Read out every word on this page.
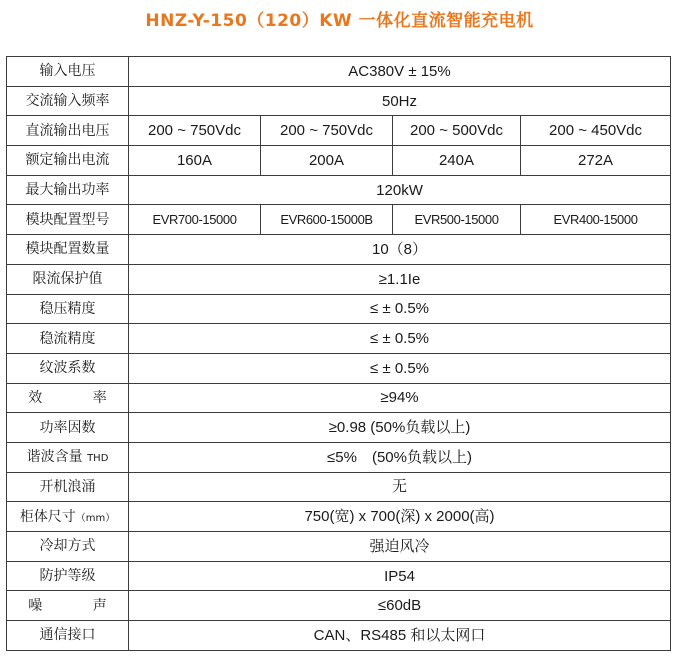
HNZ-Y-150（120）KW 一体化直流智能充电机
输入电压	AC380V ± 15%			
交流输入频率	50Hz			
直流输出电压	200 ~ 750Vdc	200 ~ 750Vdc	200 ~ 500Vdc	200 ~ 450Vdc
额定输出电流	160A	200A	240A	272A
最大输出功率	120kW			
模块配置型号	EVR700-15000	EVR600-15000B	EVR500-15000	EVR400-15000
模块配置数量	10（8）			
限流保护值	≥1.1Ie			
稳压精度	≤ ± 0.5%			
稳流精度	≤ ± 0.5%			
纹波系数	≤ ± 0.5%			
效 率	≥94%			
功率因数	≥0.98 (50%负载以上)			
谐波含量 THD	≤5%　(50%负载以上)			
开机浪涌	无			
柜体尺寸（mm）	750(宽) x 700(深) x 2000(高)			
冷却方式	强迫风冷			
防护等级	IP54			
噪 声	≤60dB			
通信接口	CAN、RS485 和以太网口			
